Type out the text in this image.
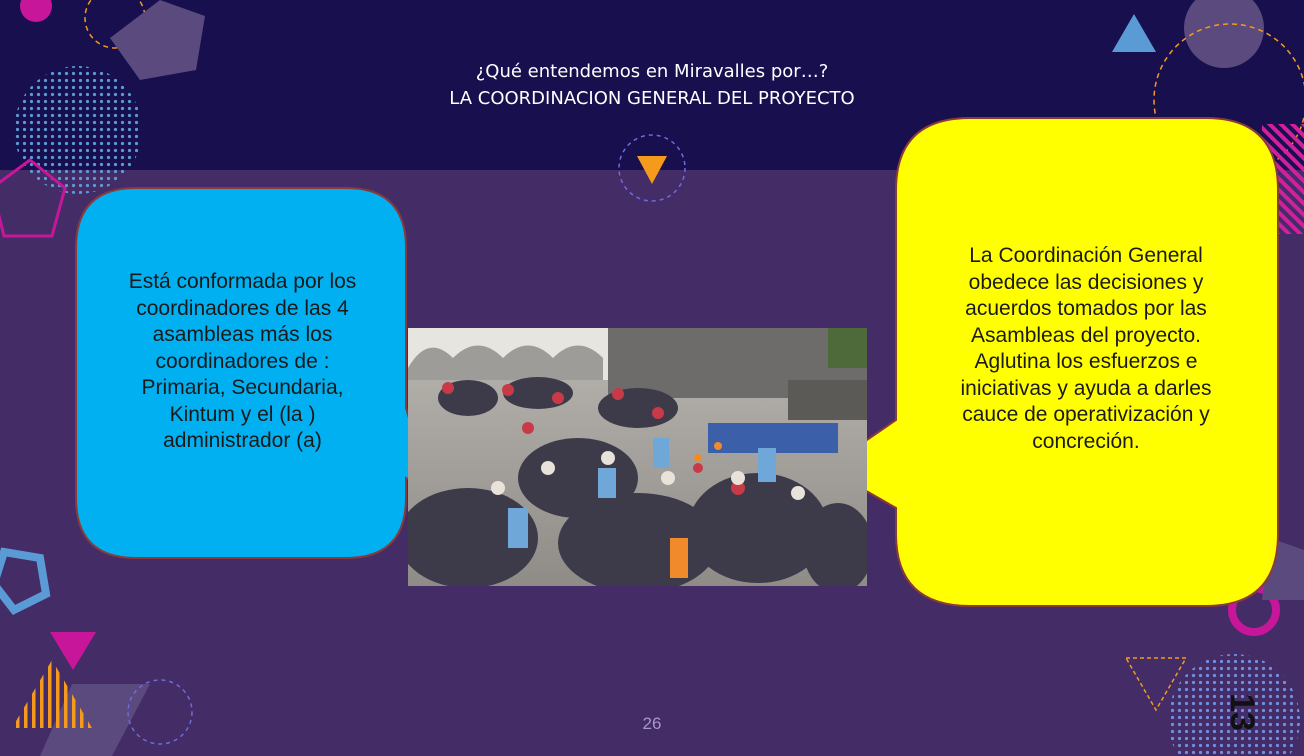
¿Qué entendemos en Miravalles por…?
LA COORDINACION GENERAL DEL PROYECTO
Está conformada por los
coordinadores de las 4
asambleas más los
coordinadores de :
Primaria, Secundaria,
Kintum y el (la )
administrador (a)
La Coordinación General
obedece las decisiones y
acuerdos tomados por las
Asambleas del proyecto.
Aglutina los esfuerzos e
iniciativas y ayuda a darles
cauce de operativización y
concreción.
26	13
